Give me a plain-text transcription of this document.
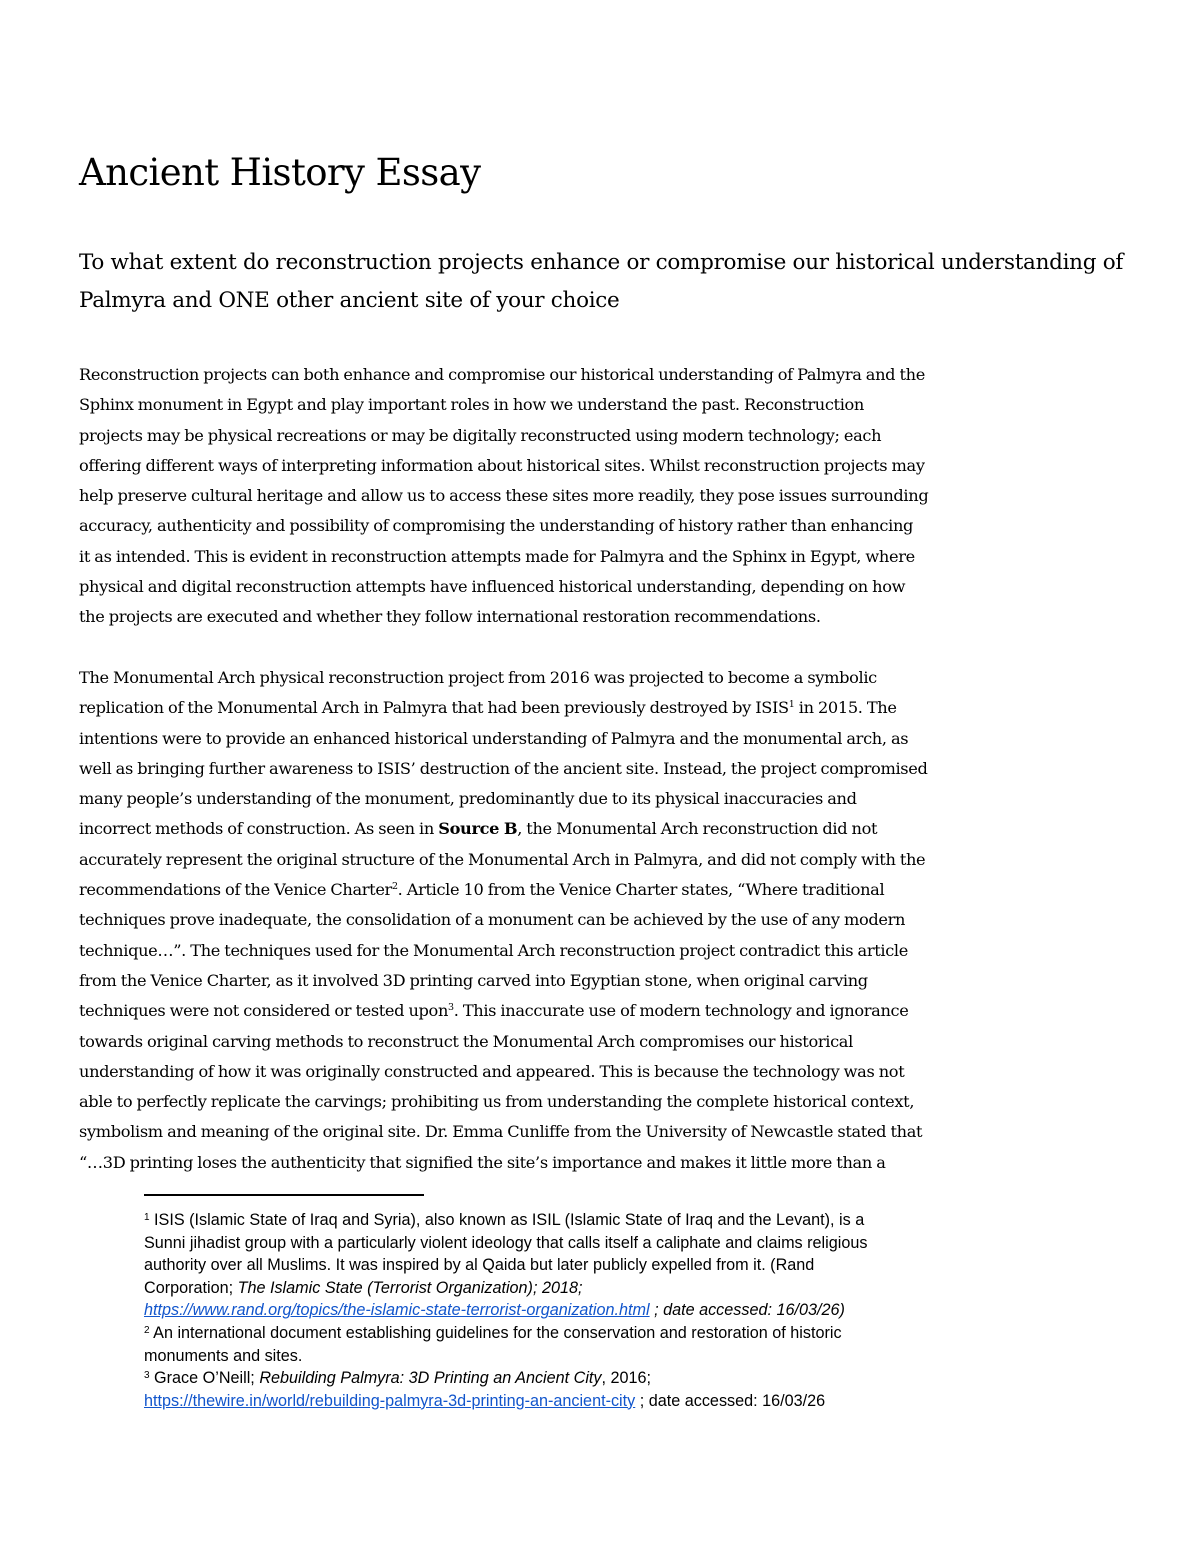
Ancient History Essay
To what extent do reconstruction projects enhance or compromise our historical understanding of Palmyra and ONE other ancient site of your choice

Reconstruction projects can both enhance and compromise our historical understanding of Palmyra and the
Sphinx monument in Egypt and play important roles in how we understand the past. Reconstruction
projects may be physical recreations or may be digitally reconstructed using modern technology; each
offering different ways of interpreting information about historical sites. Whilst reconstruction projects may
help preserve cultural heritage and allow us to access these sites more readily, they pose issues surrounding
accuracy, authenticity and possibility of compromising the understanding of history rather than enhancing
it as intended. This is evident in reconstruction attempts made for Palmyra and the Sphinx in Egypt, where
physical and digital reconstruction attempts have influenced historical understanding, depending on how
the projects are executed and whether they follow international restoration recommendations.

The Monumental Arch physical reconstruction project from 2016 was projected to become a symbolic
replication of the Monumental Arch in Palmyra that had been previously destroyed by ISIS$^1$ in 2015. The
intentions were to provide an enhanced historical understanding of Palmyra and the monumental arch, as
well as bringing further awareness to ISIS’ destruction of the ancient site. Instead, the project compromised
many people’s understanding of the monument, predominantly due to its physical inaccuracies and
incorrect methods of construction. As seen in Source B, the Monumental Arch reconstruction did not
accurately represent the original structure of the Monumental Arch in Palmyra, and did not comply with the
recommendations of the Venice Charter$^2$. Article 10 from the Venice Charter states, “Where traditional
techniques prove inadequate, the consolidation of a monument can be achieved by the use of any modern
technique…”. The techniques used for the Monumental Arch reconstruction project contradict this article
from the Venice Charter, as it involved 3D printing carved into Egyptian stone, when original carving
techniques were not considered or tested upon$^3$. This inaccurate use of modern technology and ignorance
towards original carving methods to reconstruct the Monumental Arch compromises our historical
understanding of how it was originally constructed and appeared. This is because the technology was not
able to perfectly replicate the carvings; prohibiting us from understanding the complete historical context,
symbolism and meaning of the original site. Dr. Emma Cunliffe from the University of Newcastle stated that
“…3D printing loses the authenticity that signified the site’s importance and makes it little more than a

$^1$ ISIS (Islamic State of Iraq and Syria), also known as ISIL (Islamic State of Iraq and the Levant), is a
Sunni jihadist group with a particularly violent ideology that calls itself a caliphate and claims religious
authority over all Muslims. It was inspired by al Qaida but later publicly expelled from it. (Rand
Corporation; The Islamic State (Terrorist Organization); 2018;
https://www.rand.org/topics/the-islamic-state-terrorist-organization.html ; date accessed: 16/03/26)
$^2$ An international document establishing guidelines for the conservation and restoration of historic
monuments and sites.
$^3$ Grace O’Neill; Rebuilding Palmyra: 3D Printing an Ancient City, 2016;
https://thewire.in/world/rebuilding-palmyra-3d-printing-an-ancient-city ; date accessed: 16/03/26
